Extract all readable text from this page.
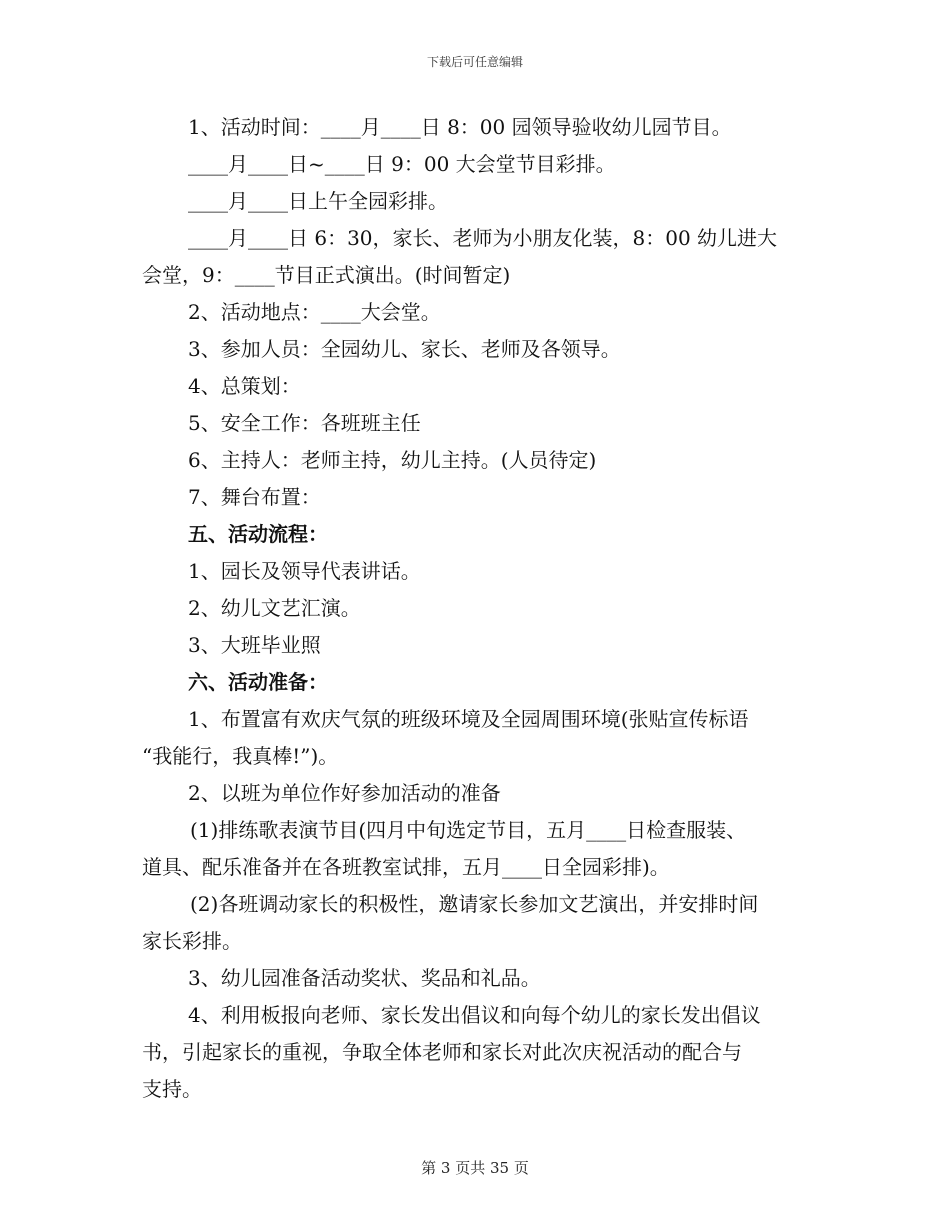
下载后可任意编辑

1、活动时间：____月____日 8：00 园领导验收幼儿园节目。

____月____日~____日 9：00 大会堂节目彩排。

____月____日上午全园彩排。

____月____日 6：30，家长、老师为小朋友化装，8：00 幼儿进大

会堂，9：____节目正式演出。(时间暂定)

2、活动地点：____大会堂。

3、参加人员：全园幼儿、家长、老师及各领导。

4、总策划：

5、安全工作：各班班主任

6、主持人：老师主持，幼儿主持。(人员待定)

7、舞台布置：

五、活动流程：

1、园长及领导代表讲话。

2、幼儿文艺汇演。

3、大班毕业照

六、活动准备：

1、布置富有欢庆气氛的班级环境及全园周围环境(张贴宣传标语

“我能行，我真棒!”)。

2、以班为单位作好参加活动的准备

(1)排练歌表演节目(四月中旬选定节目，五月____日检查服装、

道具、配乐准备并在各班教室试排，五月____日全园彩排)。

(2)各班调动家长的积极性，邀请家长参加文艺演出，并安排时间

家长彩排。

3、幼儿园准备活动奖状、奖品和礼品。

4、利用板报向老师、家长发出倡议和向每个幼儿的家长发出倡议

书，引起家长的重视，争取全体老师和家长对此次庆祝活动的配合与

支持。

第 3 页共 35 页
